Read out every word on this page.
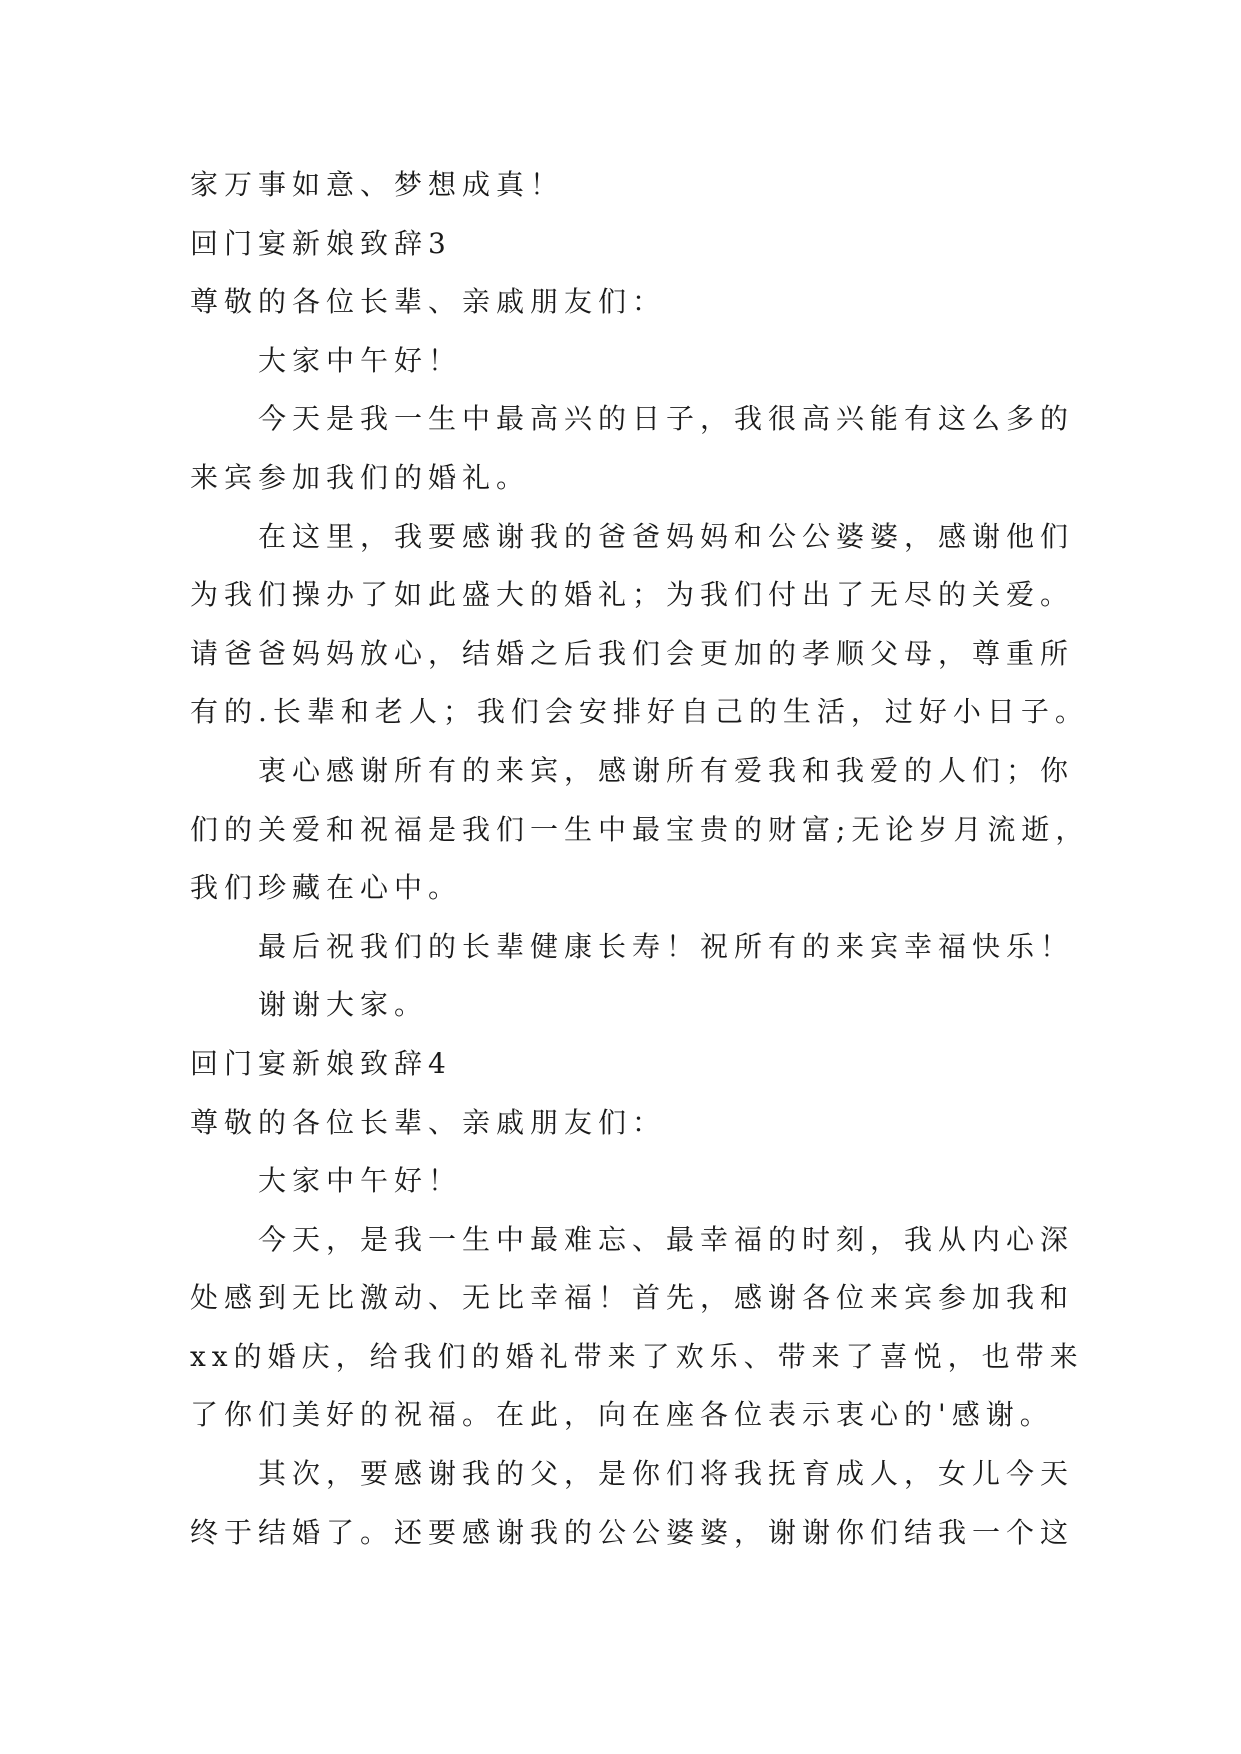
家万事如意、梦想成真！
回门宴新娘致辞3
尊敬的各位长辈、亲戚朋友们：
大家中午好！
今天是我一生中最高兴的日子，我很高兴能有这么多的
来宾参加我们的婚礼。
在这里，我要感谢我的爸爸妈妈和公公婆婆，感谢他们
为我们操办了如此盛大的婚礼；为我们付出了无尽的关爱。
请爸爸妈妈放心，结婚之后我们会更加的孝顺父母，尊重所
有的.长辈和老人；我们会安排好自己的生活，过好小日子。
衷心感谢所有的来宾，感谢所有爱我和我爱的人们；你
们的关爱和祝福是我们一生中最宝贵的财富;无论岁月流逝，
我们珍藏在心中。
最后祝我们的长辈健康长寿！祝所有的来宾幸福快乐！
谢谢大家。
回门宴新娘致辞4
尊敬的各位长辈、亲戚朋友们：
大家中午好！
今天，是我一生中最难忘、最幸福的时刻，我从内心深
处感到无比激动、无比幸福！首先，感谢各位来宾参加我和
xx的婚庆，给我们的婚礼带来了欢乐、带来了喜悦，也带来
了你们美好的祝福。在此，向在座各位表示衷心的'感谢。
其次，要感谢我的父，是你们将我抚育成人，女儿今天
终于结婚了。还要感谢我的公公婆婆，谢谢你们结我一个这
